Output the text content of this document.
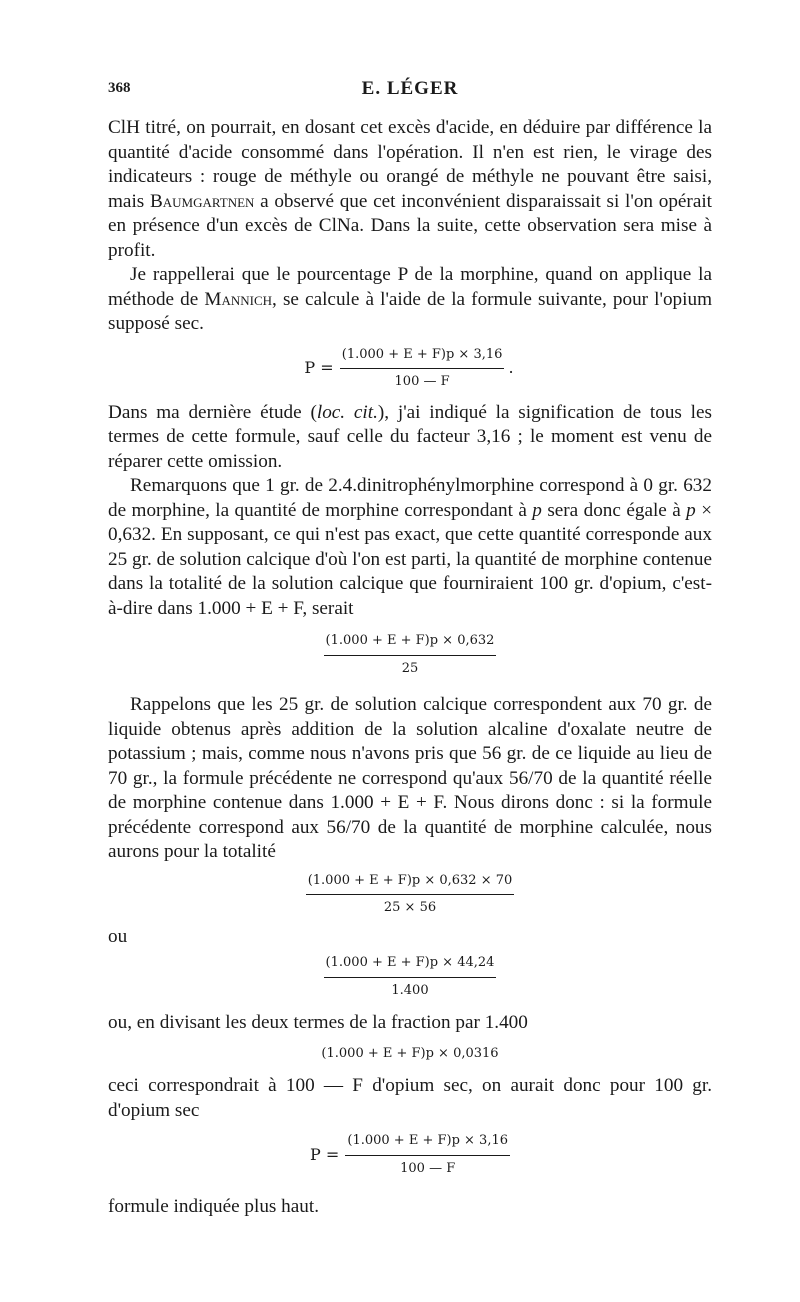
368	E. LÉGER

ClH titré, on pourrait, en dosant cet excès d'acide, en déduire par différence la quantité d'acide consommé dans l'opération. Il n'en est rien, le virage des indicateurs : rouge de méthyle ou orangé de méthyle ne pouvant être saisi, mais Baumgartnen a observé que cet inconvénient disparaissait si l'on opérait en présence d'un excès de ClNa. Dans la suite, cette observation sera mise à profit.

Je rappellerai que le pourcentage P de la morphine, quand on applique la méthode de Mannich, se calcule à l'aide de la formule suivante, pour l'opium supposé sec.

$P = \frac{(1.000 + E + F)p \times 3,16}{100 — F}$ .

Dans ma dernière étude (loc. cit.), j'ai indiqué la signification de tous les termes de cette formule, sauf celle du facteur 3,16 ; le moment est venu de réparer cette omission.

Remarquons que 1 gr. de 2.4.dinitrophénylmorphine correspond à 0 gr. 632 de morphine, la quantité de morphine correspondant à p sera donc égale à p × 0,632. En supposant, ce qui n'est pas exact, que cette quantité corresponde aux 25 gr. de solution calcique d'où l'on est parti, la quantité de morphine contenue dans la totalité de la solution calcique que fourniraient 100 gr. d'opium, c'est-à-dire dans 1.000 + E + F, serait

$\frac{(1.000 + E + F)p \times 0,632}{25}$

Rappelons que les 25 gr. de solution calcique correspondent aux 70 gr. de liquide obtenus après addition de la solution alcaline d'oxalate neutre de potassium ; mais, comme nous n'avons pris que 56 gr. de ce liquide au lieu de 70 gr., la formule précédente ne correspond qu'aux 56/70 de la quantité réelle de morphine contenue dans 1.000 + E + F. Nous dirons donc : si la formule précédente correspond aux 56/70 de la quantité de morphine calculée, nous aurons pour la totalité

$\frac{(1.000 + E + F)p \times 0,632 \times 70}{25 \times 56}$

ou

$\frac{(1.000 + E + F)p \times 44,24}{1.400}$

ou, en divisant les deux termes de la fraction par 1.400

(1.000 + E + F)p × 0,0316

ceci correspondrait à 100 — F d'opium sec, on aurait donc pour 100 gr. d'opium sec

$P = \frac{(1.000 + E + F)p \times 3,16}{100 — F}$

formule indiquée plus haut.
